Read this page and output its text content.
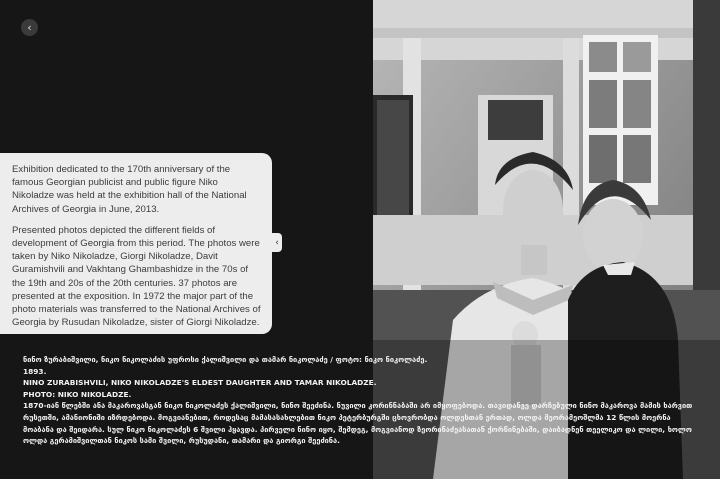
‹

Exhibition dedicated to the 170th anniversary of the famous Georgian publicist and public figure Niko Nikoladze was held at the exhibition hall of the National Archives of Georgia in June, 2013.

Presented photos depicted the different fields of development of Georgia from this period. The photos were taken by Niko Nikoladze, Giorgi Nikoladze, Davit Guramishvili and Vakhtang Ghambashidze in the 70s of the 19th and 20s of the 20th centuries. 37 photos are presented at the exposition. In 1972 the major part of the photo materials was transferred to the National Archives of Georgia by Rusudan Nikoladze, sister of Giorgi Nikoladze.

‹
ნინო ზურაბიშვილი, ნიკო ნიკოლაძის უფროსი ქალიშვილი და თამარ ნიკოლაძე / ფოტო: ნიკო ნიკოლაძე.
1893.
NINO ZURABISHVILI, NIKO NIKOLADZE'S ELDEST DAUGHTER AND TAMAR NIKOLADZE.
PHOTO: NIKO NIKOLADZE.
1870-იან წლებში ანა მაკაროვასგან ნიკო ნიკოლაძეს ქალიშვილი, ნინო შეეძინა. ნუვილი კორინნაბაში არ იმყოფებოდა. თავიდანვე დარჩებული ნინო მაკაროვა მამის ხარვით რუსეთში, ამანიონიში იზრდებოდა. მოგვიანებით, როდესაც მამასასახლებით ნიკო პეტერბურგში ცხოვრობდა ოლდესთან ერთად, ოლდა მეორამეოშლმა 12 წლის მოერნა მოაბანა და შეიდარა. სულ ნიკო ნიკოლაძეს 6 შვილი ჰყავდა. პირველი ნინო იყო, შემდეგ, მოგვიანოდ ზეორინაძეასათან ქორწინებაში, დაიბადნენ თეელიკო და ლილი, ხოლო ოლდა გერამიშვილთან ნიკოს სამი შვილი, რუსუდანი, თამარი და გიორგი შეეძინა.
